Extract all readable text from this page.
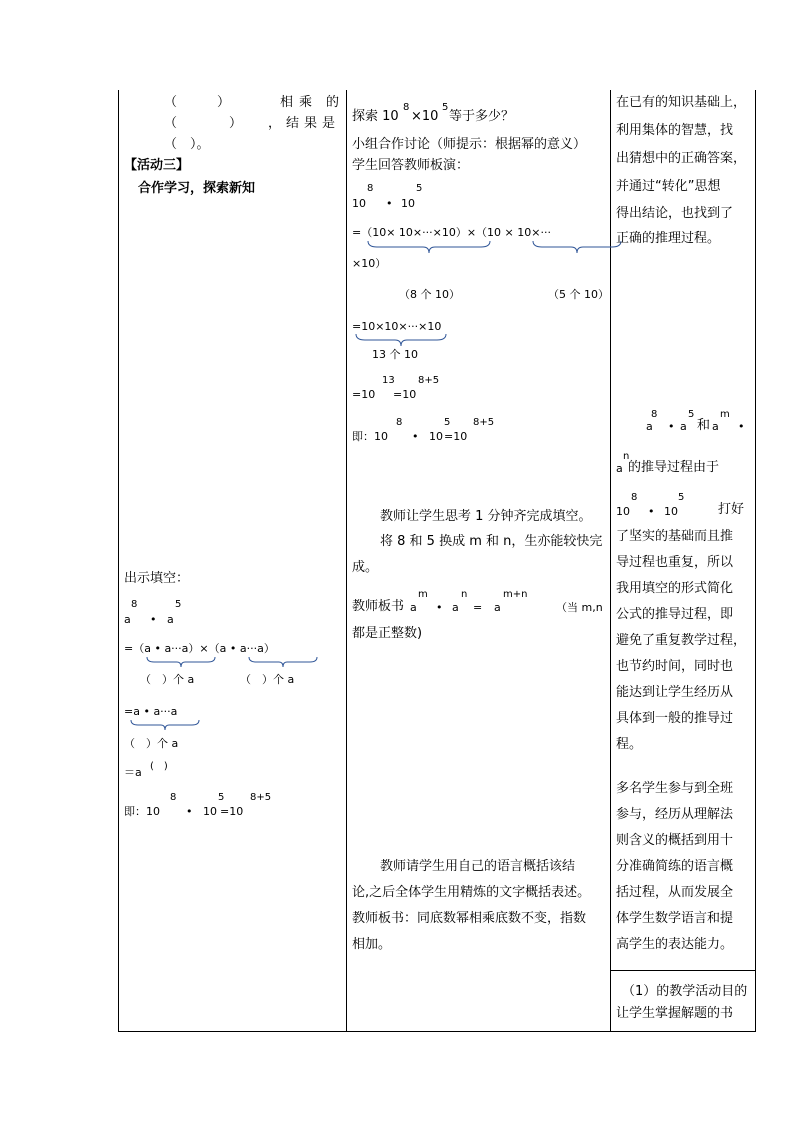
（	）	相乘 的
（	） ，结果是
（　）。
【活动三】
合作学习，探索新知
出示填空：
8	5
a • a
=（a • a···a）×（a • a···a）
（　）个 a	（　）个 a
=a • a···a
（　）个 a
＝a (　)
8	5	8+5
即：10 • 10 =10
探索 10
8
×10
5
等于多少？
小组合作讨论（师提示：根据幂的意义）
学生回答教师板演：
8	5
10 • 10
=（10× 10×···×10）×（10 × 10×···
×10）
（8 个 10）	（5 个 10）
=10×10×···×10
13 个 10
13 8+5
=10 =10
8	5 8+5
即：10 • 10 =10
教师让学生思考 1 分钟齐完成填空。
将 8 和 5 换成 m 和 n，生亦能较快完
成。
教师板书 a
m
• a
n
= a
m+n
（当 m,n
都是正整数)
教师请学生用自己的语言概括该结
论,之后全体学生用精炼的文字概括表述。
教师板书：同底数幂相乘底数不变，指数
相加。
在已有的知识基础上，
利用集体的智慧，找
出猜想中的正确答案，
并通过“转化”思想
得出结论，也找到了
正确的推理过程。
8	5	m
a • a 和 a •
n
a 的推导过程由于
8	5
10 • 10	打好
了坚实的基础而且推
导过程也重复，所以
我用填空的形式简化
公式的推导过程，即
避免了重复教学过程，
也节约时间，同时也
能达到让学生经历从
具体到一般的推导过
程。
多名学生参与到全班
参与，经历从理解法
则含义的概括到用十
分准确简练的语言概
括过程，从而发展全
体学生数学语言和提
高学生的表达能力。
（1）的教学活动目的
让学生掌握解题的书
